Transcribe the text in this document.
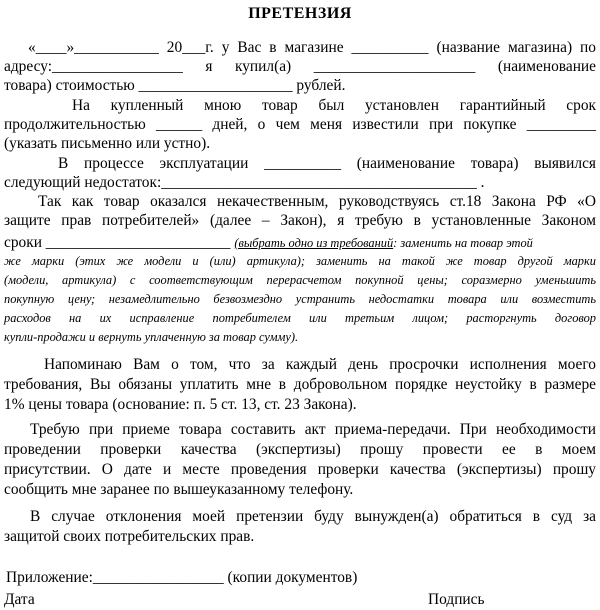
ПРЕТЕНЗИЯ
«____»___________ 20___г. у Вас в магазине __________ (название магазина) по
адресу:_________________ я купил(а) _____________________ (наименование
товара) стоимостью ____________________ рублей.
На купленный мною товар был установлен гарантийный срок
продолжительностью ______ дней, о чем меня известили при покупке _________
(указать письменно или устно).
В процессе эксплуатации __________ (наименование товара) выявился
следующий недостаток:_________________________________________ .
Так как товар оказался некачественным, руководствуясь ст.18 Закона РФ «О
защите прав потребителей» (далее – Закон), я требую в установленные Законом
сроки ________________________ (выбрать одно из требований: заменить на товар этой
же марки (этих же модели и (или) артикула); заменить на такой же товар другой марки
(модели, артикула) с соответствующим перерасчетом покупной цены; соразмерно уменьшить
покупную цену; незамедлительно безвозмездно устранить недостатки товара или возместить
расходов на их исправление потребителем или третьим лицом; расторгнуть договор
купли-продажи и вернуть уплаченную за товар сумму).
Напоминаю Вам о том, что за каждый день просрочки исполнения моего
требования, Вы обязаны уплатить мне в добровольном порядке неустойку в размере
1% цены товара (основание: п. 5 ст. 13, ст. 23 Закона).
Требую при приеме товара составить акт приема-передачи. При необходимости
проведении проверки качества (экспертизы) прошу провести ее в моем
присутствии. О дате и месте проведения проверки качества (экспертизы) прошу
сообщить мне заранее по вышеуказанному телефону.
В случае отклонения моей претензии буду вынужден(а) обратиться в суд за
защитой своих потребительских прав.
Приложение:_________________ (копии документов)
Дата	Подпись
